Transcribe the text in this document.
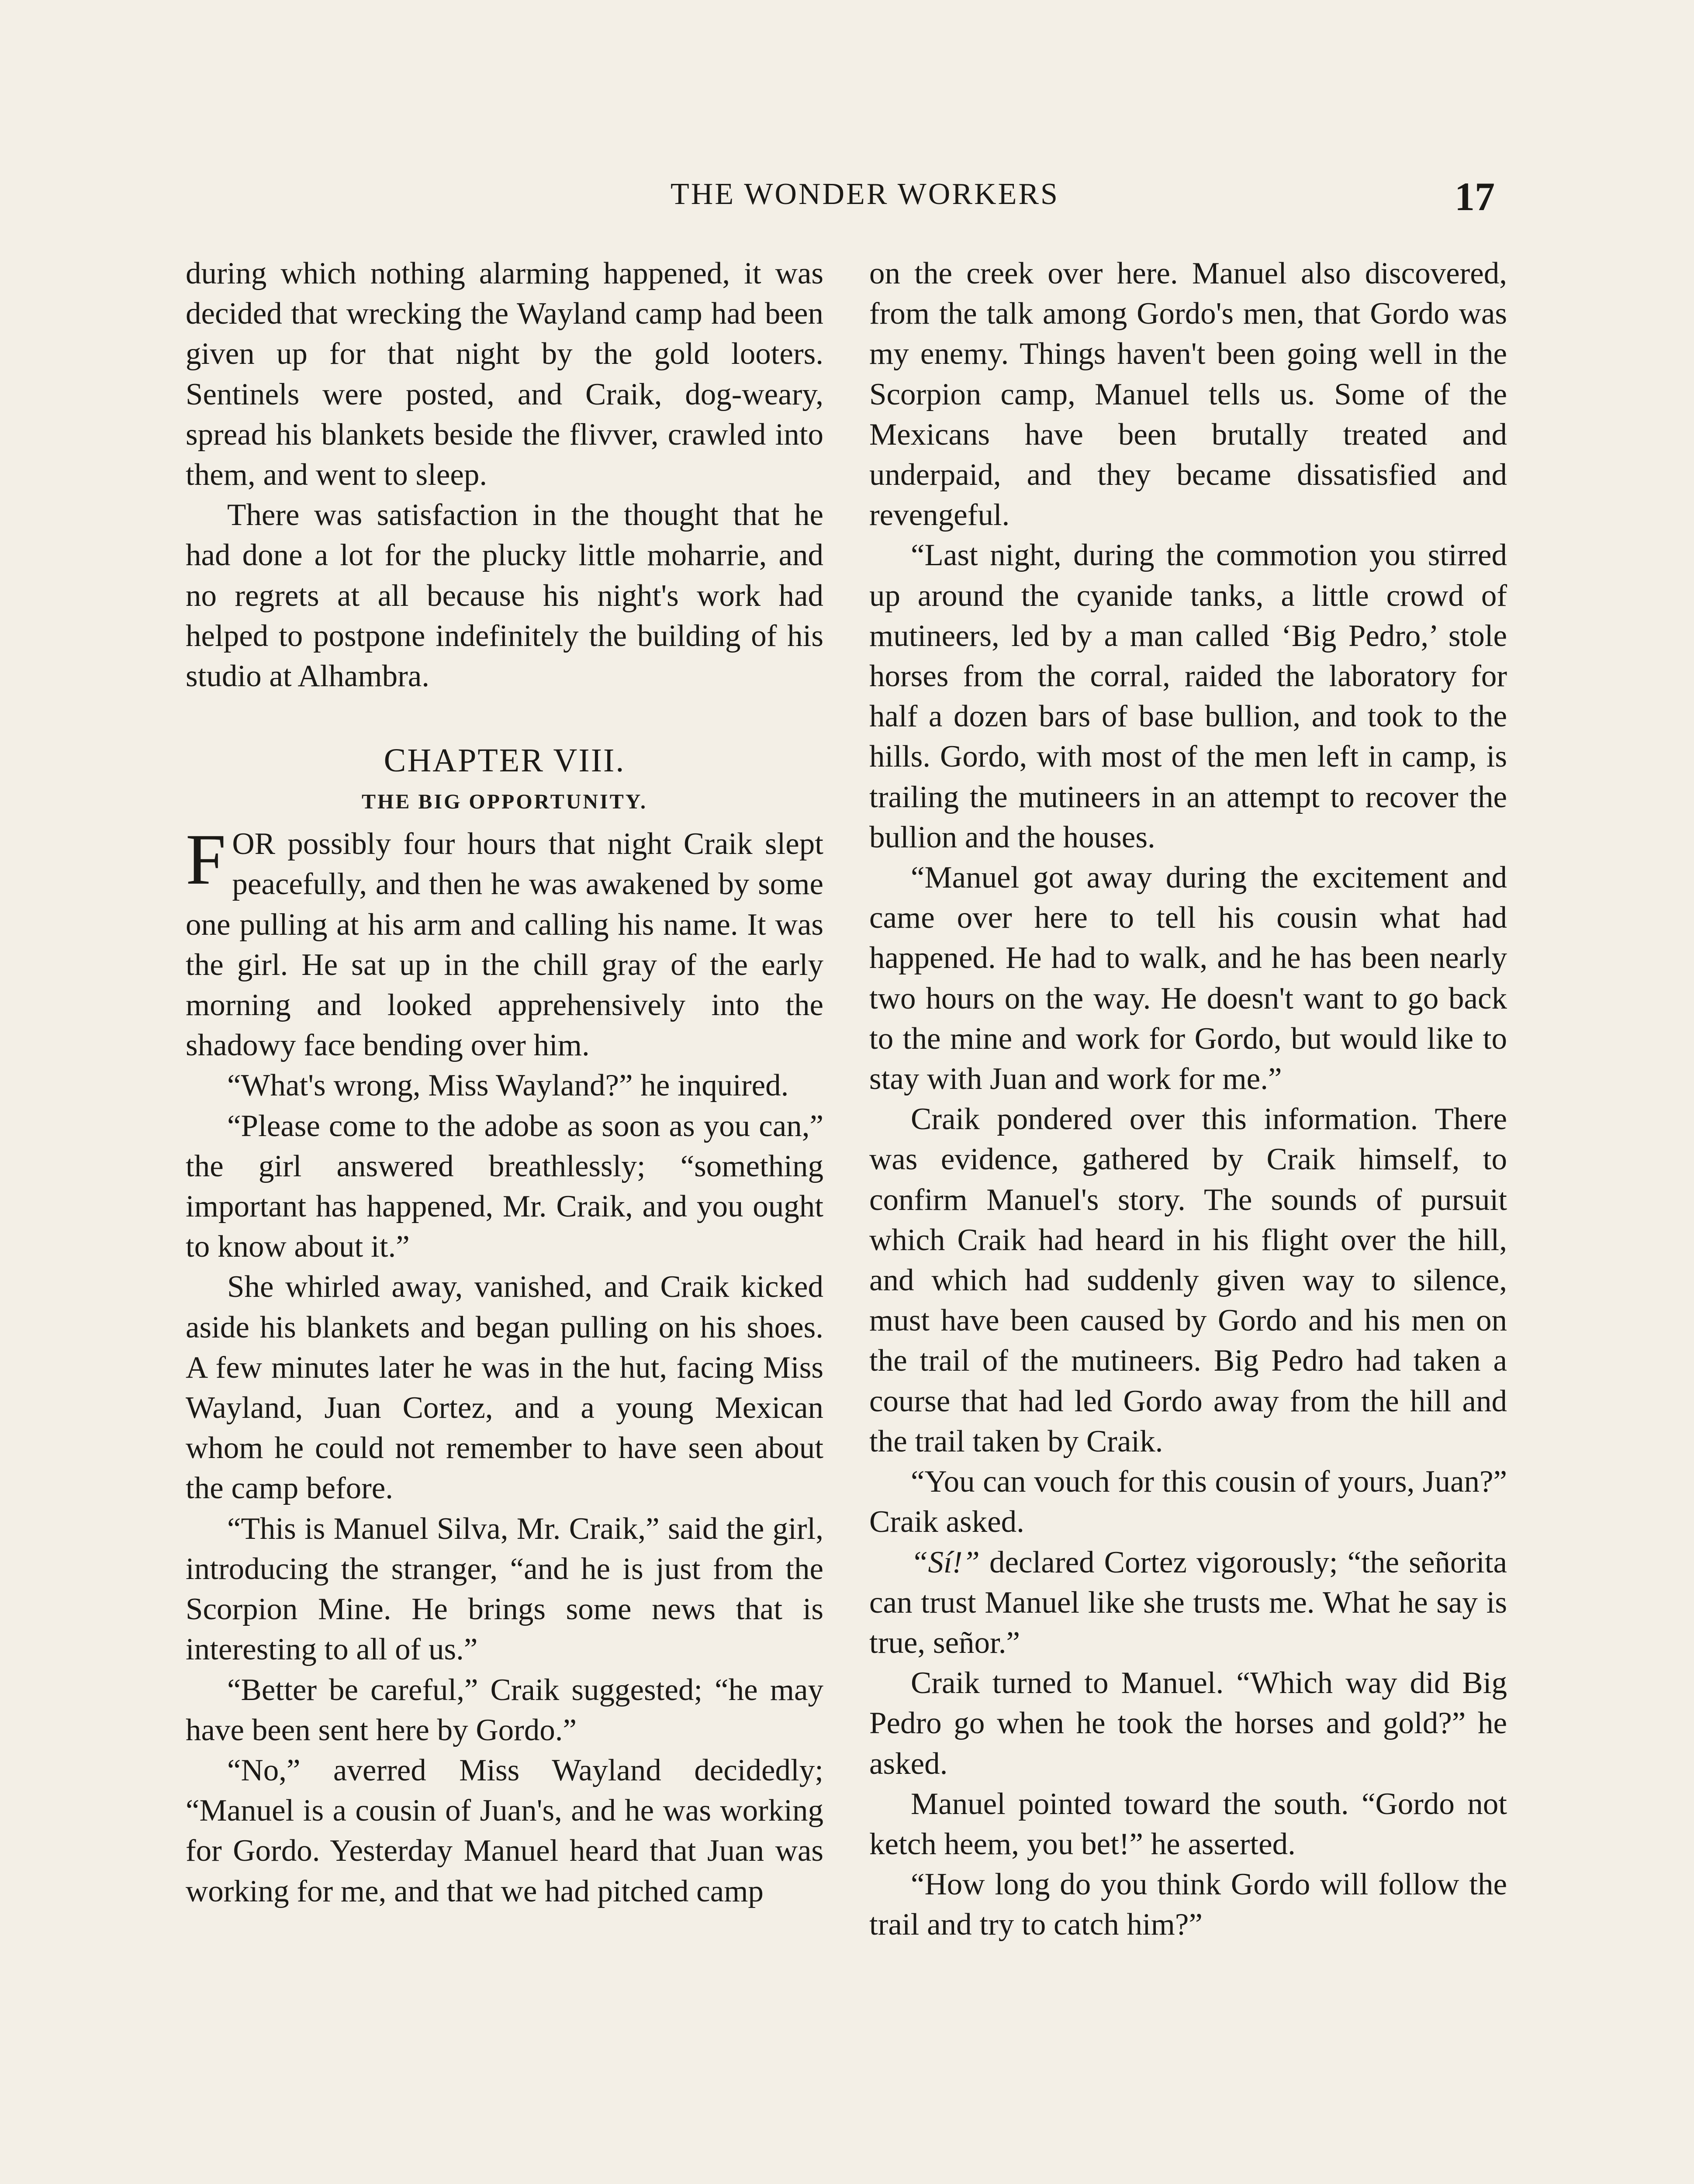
THE WONDER WORKERS	17

during which nothing alarming happened, it was decided that wrecking the Wayland camp had been given up for that night by the gold looters. Sentinels were posted, and Craik, dog-weary, spread his blankets beside the flivver, crawled into them, and went to sleep.

There was satisfaction in the thought that he had done a lot for the plucky little moharrie, and no regrets at all because his night's work had helped to postpone indefinitely the building of his studio at Alhambra.

CHAPTER VIII.

THE BIG OPPORTUNITY.

FOR possibly four hours that night Craik slept peacefully, and then he was awakened by some one pulling at his arm and calling his name. It was the girl. He sat up in the chill gray of the early morning and looked apprehensively into the shadowy face bending over him.

“What's wrong, Miss Wayland?” he inquired.

“Please come to the adobe as soon as you can,” the girl answered breathlessly; “something important has happened, Mr. Craik, and you ought to know about it.”

She whirled away, vanished, and Craik kicked aside his blankets and began pulling on his shoes. A few minutes later he was in the hut, facing Miss Wayland, Juan Cortez, and a young Mexican whom he could not remember to have seen about the camp before.

“This is Manuel Silva, Mr. Craik,” said the girl, introducing the stranger, “and he is just from the Scorpion Mine. He brings some news that is interesting to all of us.”

“Better be careful,” Craik suggested; “he may have been sent here by Gordo.”

“No,” averred Miss Wayland decidedly; “Manuel is a cousin of Juan's, and he was working for Gordo. Yesterday Manuel heard that Juan was working for me, and that we had pitched camp

on the creek over here. Manuel also discovered, from the talk among Gordo's men, that Gordo was my enemy. Things haven't been going well in the Scorpion camp, Manuel tells us. Some of the Mexicans have been brutally treated and underpaid, and they became dissatisfied and revengeful.

“Last night, during the commotion you stirred up around the cyanide tanks, a little crowd of mutineers, led by a man called ‘Big Pedro,’ stole horses from the corral, raided the laboratory for half a dozen bars of base bullion, and took to the hills. Gordo, with most of the men left in camp, is trailing the mutineers in an attempt to recover the bullion and the houses.

“Manuel got away during the excitement and came over here to tell his cousin what had happened. He had to walk, and he has been nearly two hours on the way. He doesn't want to go back to the mine and work for Gordo, but would like to stay with Juan and work for me.”

Craik pondered over this information. There was evidence, gathered by Craik himself, to confirm Manuel's story. The sounds of pursuit which Craik had heard in his flight over the hill, and which had suddenly given way to silence, must have been caused by Gordo and his men on the trail of the mutineers. Big Pedro had taken a course that had led Gordo away from the hill and the trail taken by Craik.

“You can vouch for this cousin of yours, Juan?” Craik asked.

“Sí!” declared Cortez vigorously; “the señorita can trust Manuel like she trusts me. What he say is true, señor.”

Craik turned to Manuel. “Which way did Big Pedro go when he took the horses and gold?” he asked.

Manuel pointed toward the south. “Gordo not ketch heem, you bet!” he asserted.

“How long do you think Gordo will follow the trail and try to catch him?”
